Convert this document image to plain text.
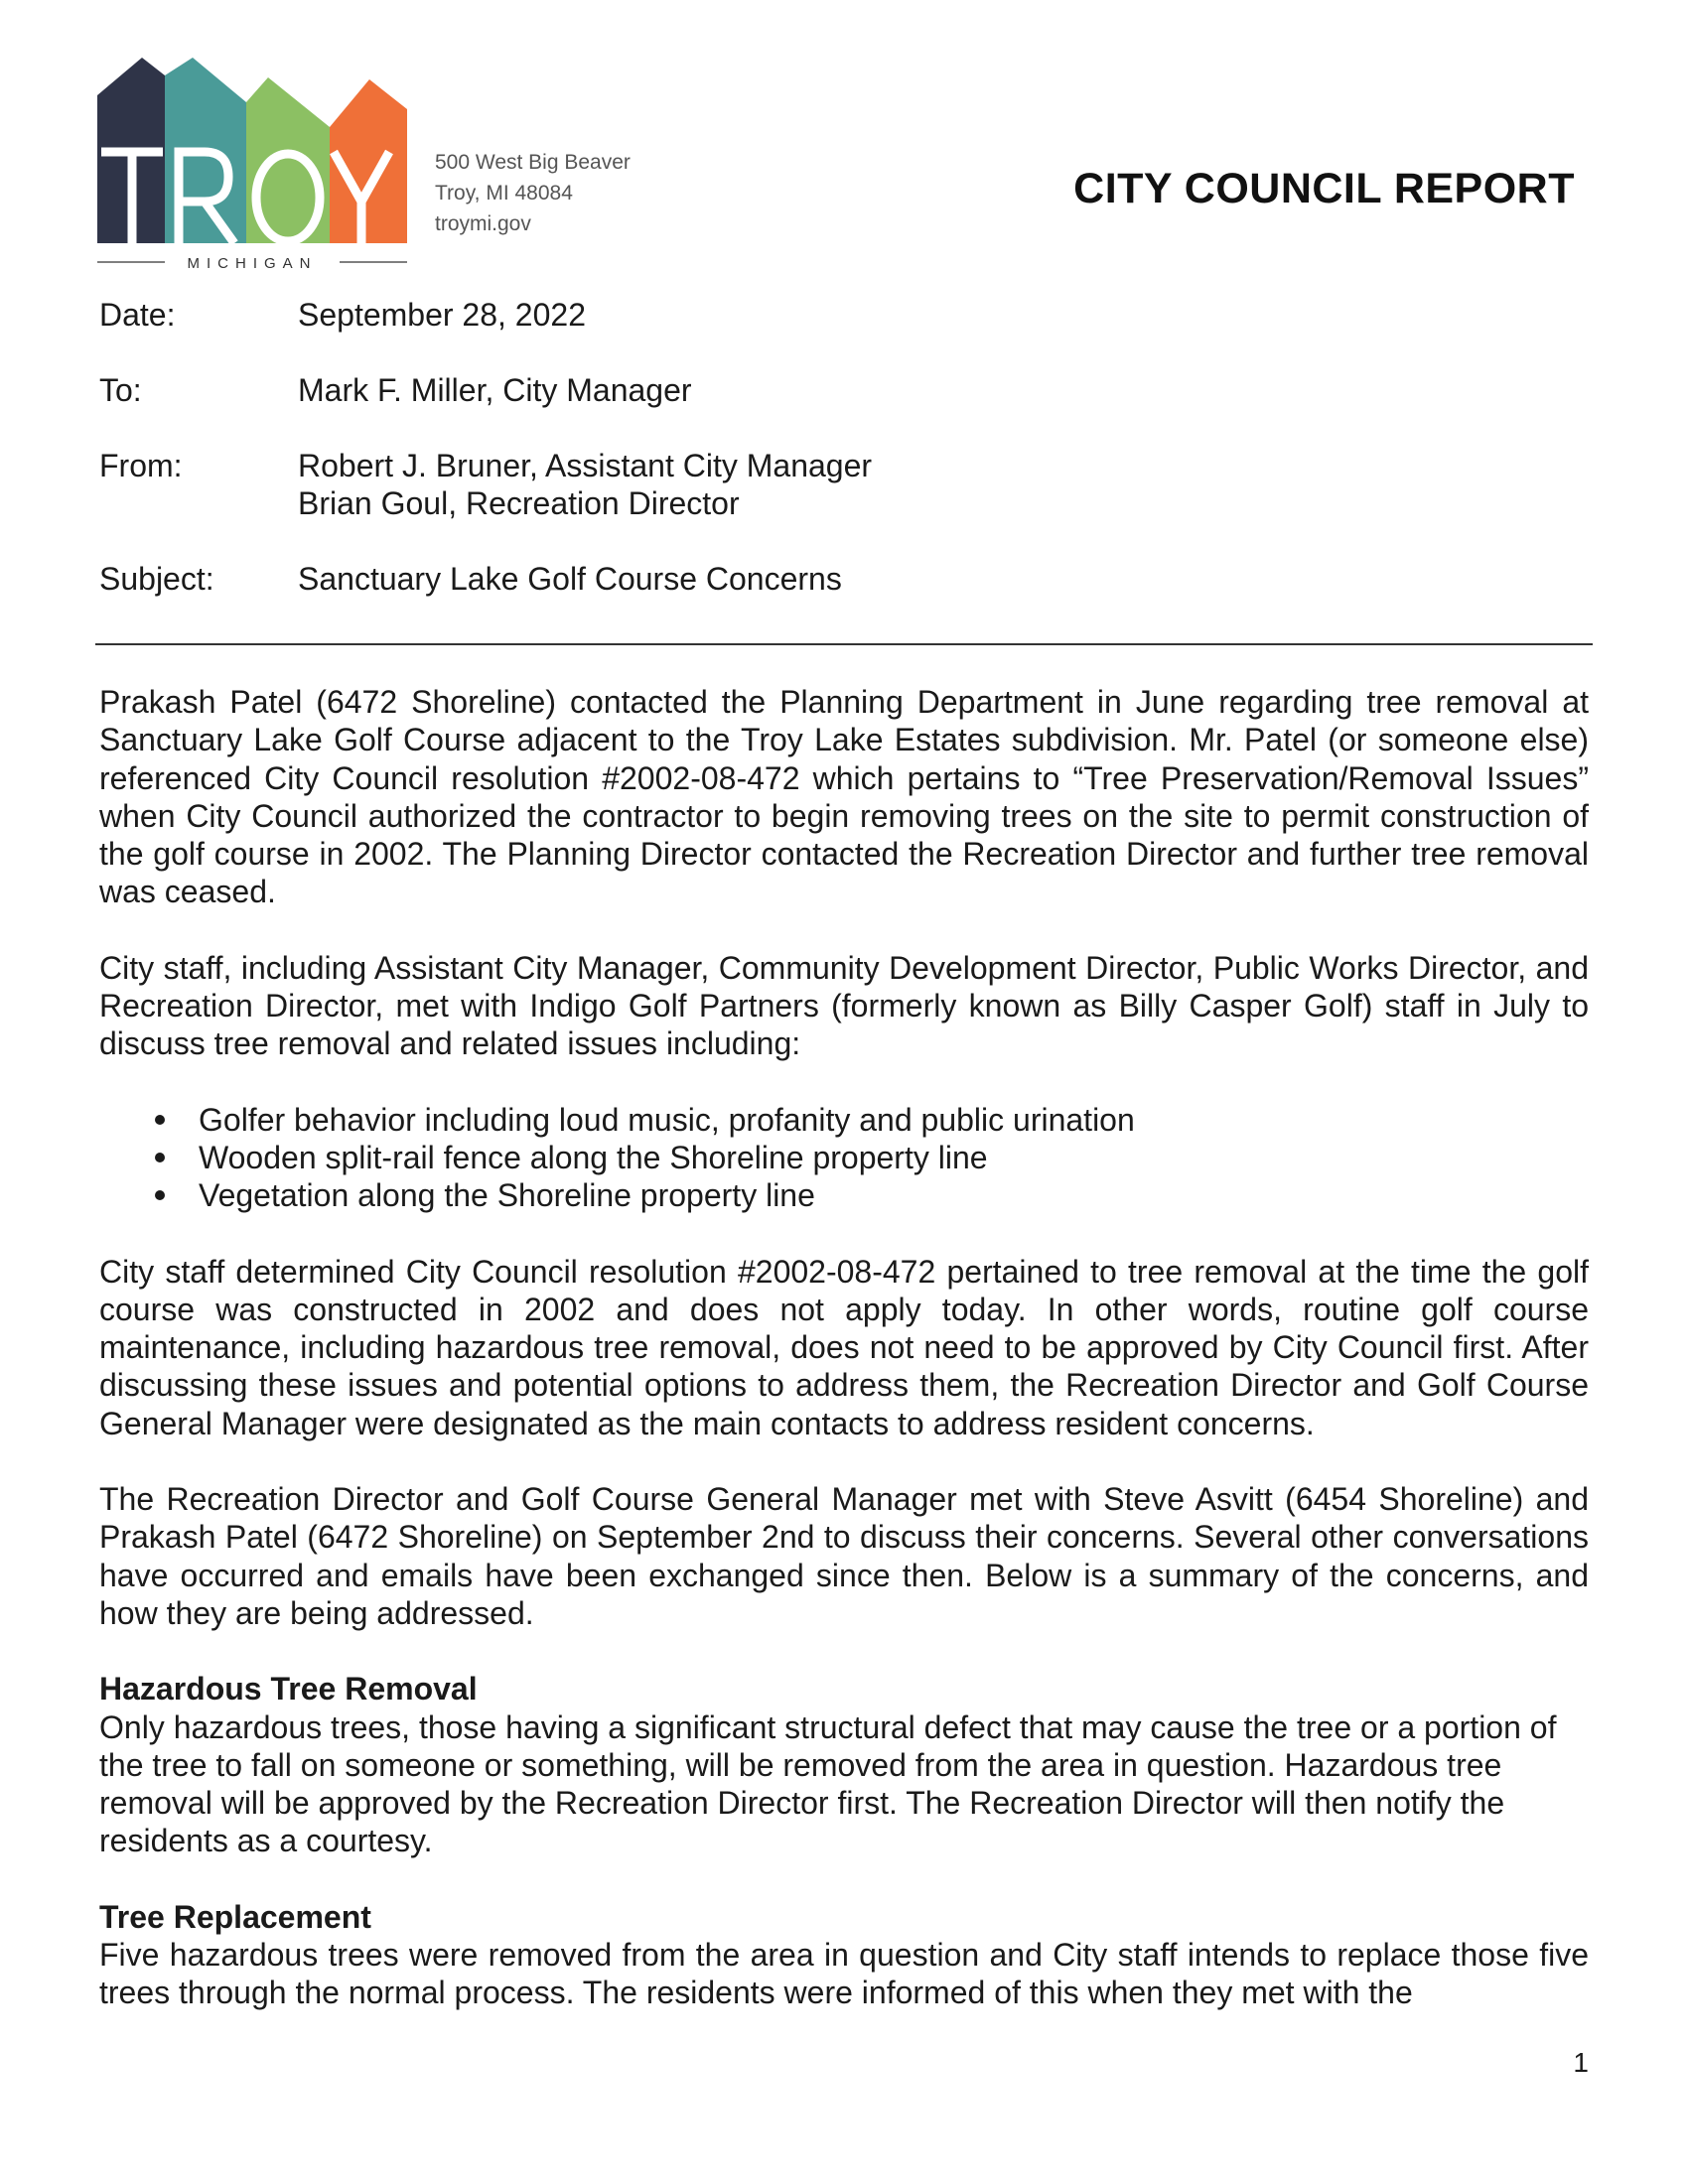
MICHIGAN
500 West Big Beaver
Troy, MI 48084
troymi.gov
CITY COUNCIL REPORT
Date:	September 28, 2022
To:	Mark F. Miller, City Manager
From:	Robert J. Bruner, Assistant City Manager
Brian Goul, Recreation Director
Subject:	Sanctuary Lake Golf Course Concerns

Prakash Patel (6472 Shoreline) contacted the Planning Department in June regarding tree removal at Sanctuary Lake Golf Course adjacent to the Troy Lake Estates subdivision. Mr. Patel (or someone else) referenced City Council resolution #2002-08-472 which pertains to “Tree Preservation/Removal Issues” when City Council authorized the contractor to begin removing trees on the site to permit construction of the golf course in 2002. The Planning Director contacted the Recreation Director and further tree removal was ceased.

City staff, including Assistant City Manager, Community Development Director, Public Works Director, and Recreation Director, met with Indigo Golf Partners (formerly known as Billy Casper Golf) staff in July to discuss tree removal and related issues including:

Golfer behavior including loud music, profanity and public urination
Wooden split-rail fence along the Shoreline property line
Vegetation along the Shoreline property line

City staff determined City Council resolution #2002-08-472 pertained to tree removal at the time the golf course was constructed in 2002 and does not apply today. In other words, routine golf course maintenance, including hazardous tree removal, does not need to be approved by City Council first. After discussing these issues and potential options to address them, the Recreation Director and Golf Course General Manager were designated as the main contacts to address resident concerns.

The Recreation Director and Golf Course General Manager met with Steve Asvitt (6454 Shoreline) and Prakash Patel (6472 Shoreline) on September 2nd to discuss their concerns. Several other conversations have occurred and emails have been exchanged since then. Below is a summary of the concerns, and how they are being addressed.

Hazardous Tree Removal

Only hazardous trees, those having a significant structural defect that may cause the tree or a portion of the tree to fall on someone or something, will be removed from the area in question. Hazardous tree removal will be approved by the Recreation Director first. The Recreation Director will then notify the residents as a courtesy.

Tree Replacement

Five hazardous trees were removed from the area in question and City staff intends to replace those five trees through the normal process. The residents were informed of this when they met with the

1
